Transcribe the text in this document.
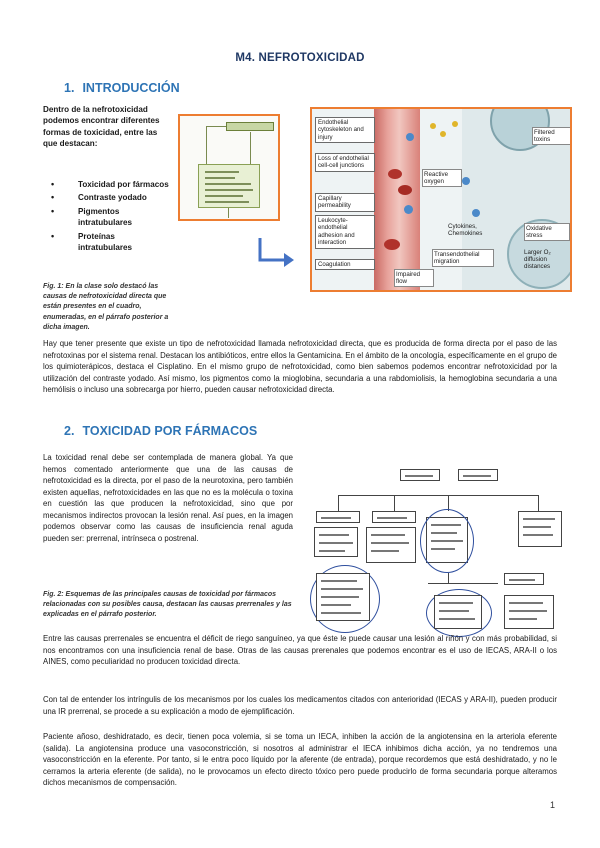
M4. NEFROTOXICIDAD
1. INTRODUCCIÓN
Dentro de la nefrotoxicidad podemos encontrar diferentes formas de toxicidad, entre las que destacan:
• Toxicidad por fármacos
• Contraste yodado
• Pigmentos intratubulares
• Proteínas intratubulares
Endothelial cytoskeleton and injury
Loss of endothelial cell-cell junctions
Capillary permeability
Leukocyte-endothelial adhesion and interaction
Coagulation
Reactive oxygen
Cytokines, Chemokines
Transendothelial migration
Oxidative stress
Larger O₂ diffusion distances
Impaired flow
Filtered toxins
Fig. 1: En la clase solo destacó las causas de nefrotoxicidad directa que están presentes en el cuadro, enumeradas, en el párrafo posterior a dicha imagen.
Hay que tener presente que existe un tipo de nefrotoxicidad llamada nefrotoxicidad directa, que es producida de forma directa por el paso de las nefrotoxinas por el sistema renal. Destacan los antibióticos, entre ellos la Gentamicina. En el ámbito de la oncología, específicamente en el grupo de los quimioterápicos, destaca el Cisplatino. En el mismo grupo de nefrotoxicidad, como bien sabemos podemos encontrar nefrotoxicidad por la utilización del contraste yodado. Así mismo, los pigmentos como la mioglobina, secundaria a una rabdomiolisis, la hemoglobina secundaria a una hemólisis o incluso una sobrecarga por hierro, pueden causar nefrotoxicidad directa.
2. TOXICIDAD POR FÁRMACOS
La toxicidad renal debe ser contemplada de manera global. Ya que hemos comentado anteriormente que una de las causas de nefrotoxicidad es la directa, por el paso de la neurotoxina, pero también existen aquellas, nefrotoxicidades en las que no es la molécula o toxina en cuestión las que producen la nefrotoxicidad, sino que por mecanismos indirectos provocan la lesión renal. Así pues, en la imagen podemos observar como las causas de insuficiencia renal aguda pueden ser: prerrenal, intrínseca o postrenal.
Fig. 2: Esquemas de las principales causas de toxicidad por fármacos relacionadas con su posibles causa, destacan las causas prerrenales y las explicadas en el párrafo posterior.
Entre las causas prerrenales se encuentra el déficit de riego sanguíneo, ya que éste le puede causar una lesión al riñón y con más probabilidad, si nos encontramos con una insuficiencia renal de base. Otras de las causas prerenales que podemos encontrar es el uso de IECAS, ARA-II o los AINES, como peculiaridad no producen toxicidad directa.
Con tal de entender los intríngulis de los mecanismos por los cuales los medicamentos citados con anterioridad (IECAS y ARA-II), pueden producir una IR prerrenal, se procede a su explicación a modo de ejemplificación.
Paciente añoso, deshidratado, es decir, tienen poca volemia, si se toma un IECA, inhiben la acción de la angiotensina en la arteriola eferente (salida). La angiotensina produce una vasoconstricción, si nosotros al administrar el IECA inhibimos dicha acción, ya no tendremos una vasoconstricción en la eferente. Por tanto, si le entra poco líquido por la aferente (de entrada), porque recordemos que está deshidratado, y no le cerramos la arteria eferente (de salida), no le provocamos un efecto directo tóxico pero puede producirlo de forma secundaria porque alteramos dichos mecanismos de compensación.
1
